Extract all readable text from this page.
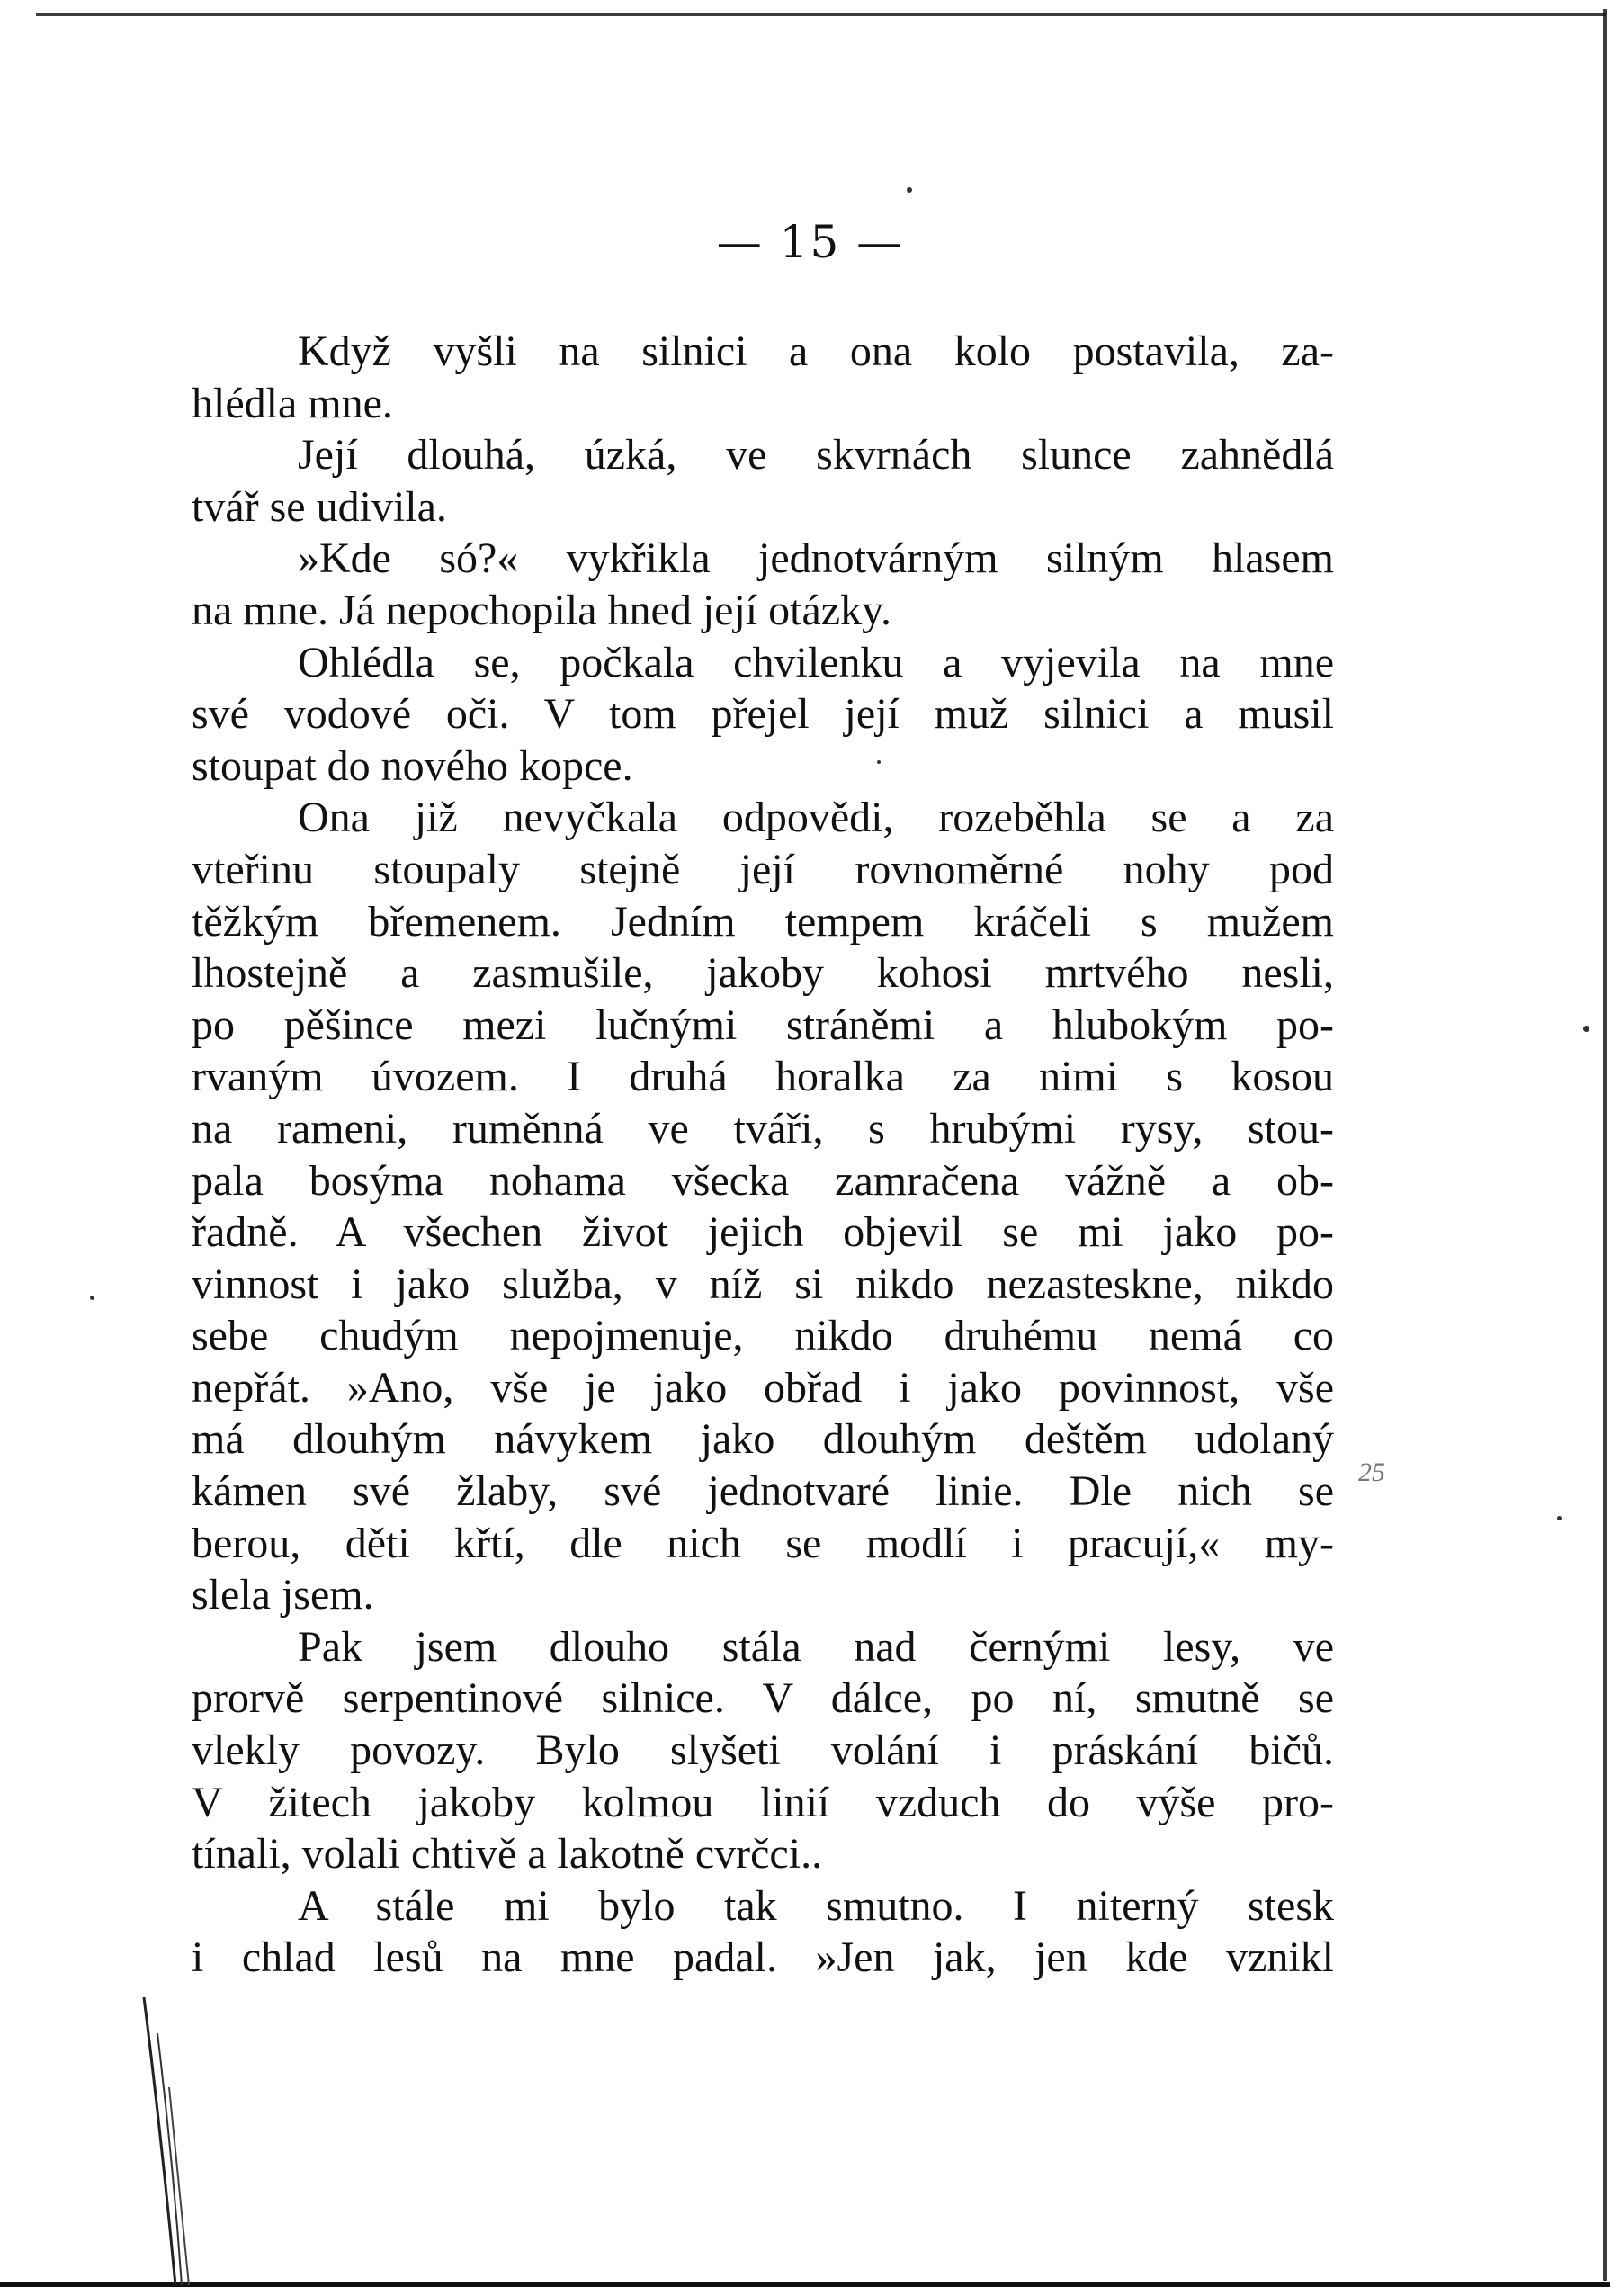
— 15 —
Když vyšli na silnici a ona kolo postavila, za-
hlédla mne.
Její dlouhá, úzká, ve skvrnách slunce zahnědlá
tvář se udivila.
»Kde só?« vykřikla jednotvárným silným hlasem
na mne. Já nepochopila hned její otázky.
Ohlédla se, počkala chvilenku a vyjevila na mne
své vodové oči. V tom přejel její muž silnici a musil
stoupat do nového kopce.
Ona již nevyčkala odpovědi, rozeběhla se a za
vteřinu stoupaly stejně její rovnoměrné nohy pod
těžkým břemenem. Jedním tempem kráčeli s mužem
lhostejně a zasmušile, jakoby kohosi mrtvého nesli,
po pěšince mezi lučnými stráněmi a hlubokým po-
rvaným úvozem. I druhá horalka za nimi s kosou
na rameni, ruměnná ve tváři, s hrubými rysy, stou-
pala bosýma nohama všecka zamračena vážně a ob-
řadně. A všechen život jejich objevil se mi jako po-
vinnost i jako služba, v níž si nikdo nezasteskne, nikdo
sebe chudým nepojmenuje, nikdo druhému nemá co
nepřát. »Ano, vše je jako obřad i jako povinnost, vše
má dlouhým návykem jako dlouhým deštěm udolaný
kámen své žlaby, své jednotvaré linie. Dle nich se
berou, děti křtí, dle nich se modlí i pracují,« my-
slela jsem.
Pak jsem dlouho stála nad černými lesy, ve
prorvě serpentinové silnice. V dálce, po ní, smutně se
vlekly povozy. Bylo slyšeti volání i práskání bičů.
V žitech jakoby kolmou linií vzduch do výše pro-
tínali, volali chtivě a lakotně cvrčci..
A stále mi bylo tak smutno. I niterný stesk
i chlad lesů na mne padal. »Jen jak, jen kde vznikl
25
